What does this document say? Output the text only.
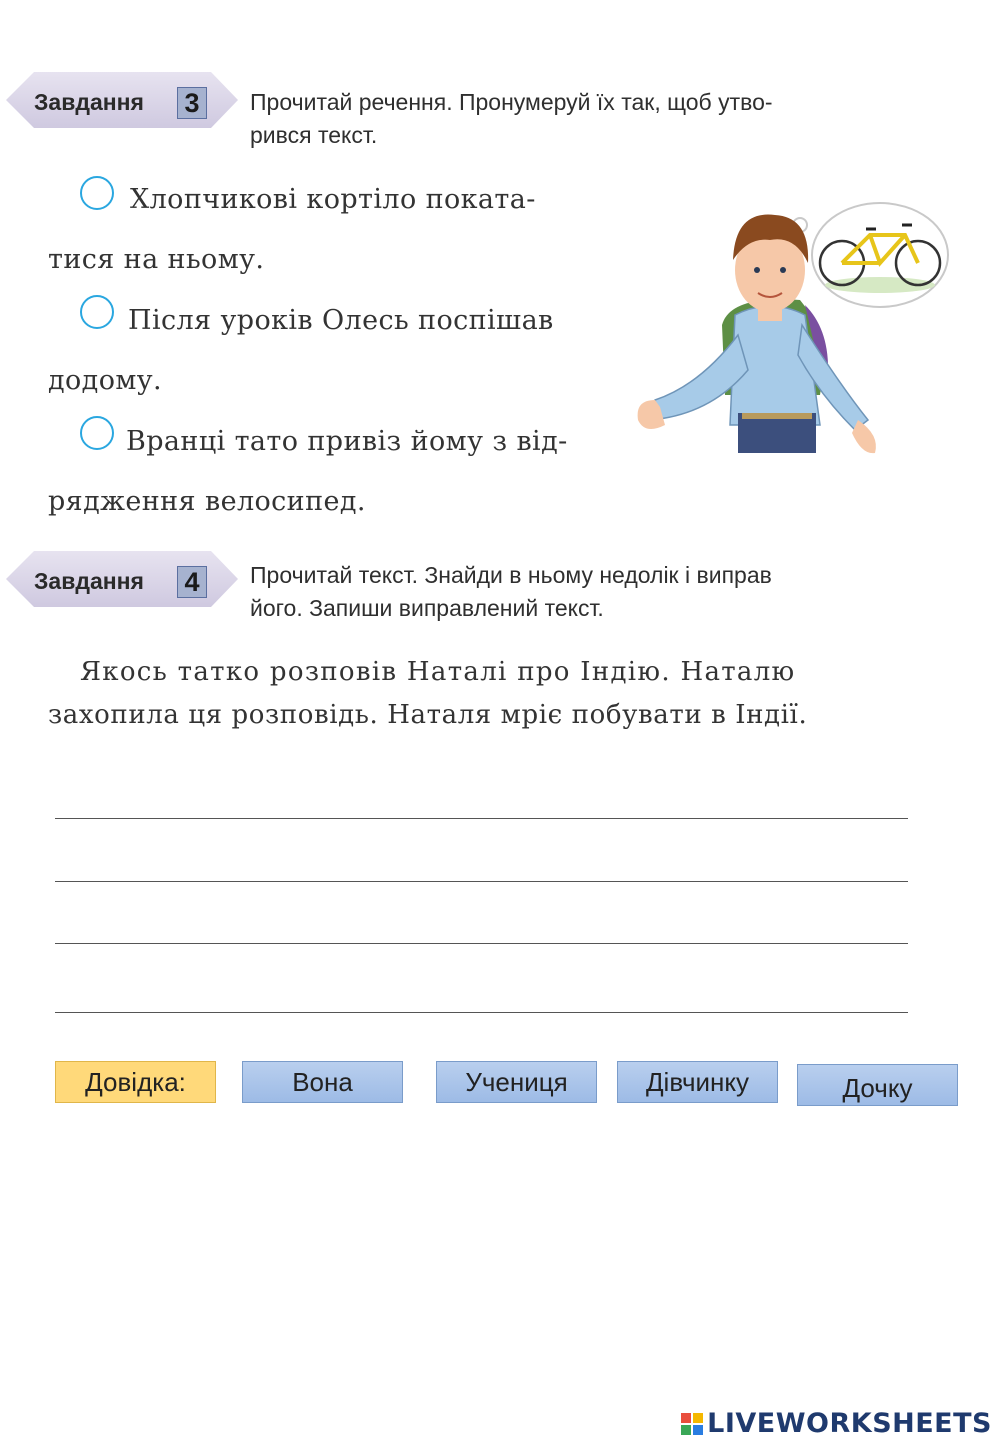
Завдання 3	Прочитай речення. Пронумеруй їх так, щоб утво-
рився текст.
Хлопчикові кортіло поката-
тися на ньому.
Після уроків Олесь поспішав
додому.
Вранці тато привіз йому з від-
рядження велосипед.
Завдання 4	Прочитай текст. Знайди в ньому недолік і виправ
його. Запиши виправлений текст.
Якось татко розповів Наталі про Індію. Наталю
захопила ця розповідь. Наталя мріє побувати в Індії.
Довідка:	Вона	Учениця	Дівчинку	Дочку
LIVEWORKSHEETS
